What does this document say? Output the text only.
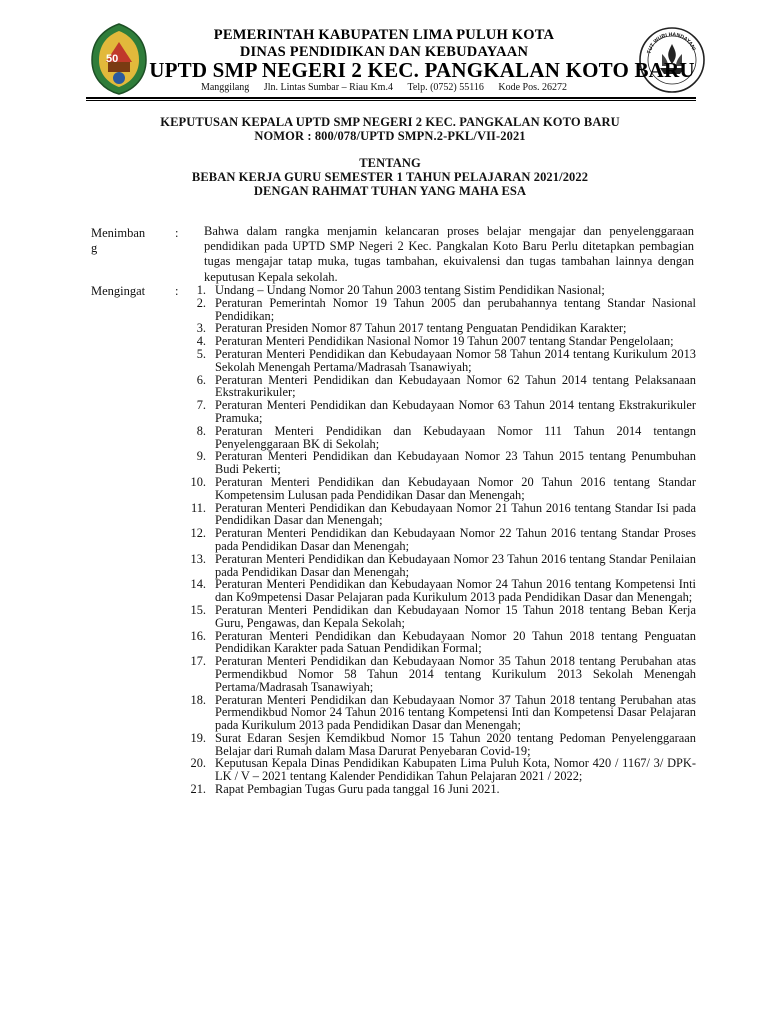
50
TUT WURI HANDAYANI
PEMERINTAH KABUPATEN LIMA PULUH KOTA
DINAS PENDIDIKAN DAN KEBUDAYAAN
UPTD SMP NEGERI 2 KEC. PANGKALAN KOTO BARU
Manggilang Jln. Lintas Sumbar – Riau Km.4 Telp. (0752) 55116 Kode Pos. 26272
KEPUTUSAN KEPALA UPTD SMP NEGERI 2 KEC. PANGKALAN KOTO BARU
NOMOR : 800/078/UPTD SMPN.2-PKL/VII-2021
TENTANG
BEBAN KERJA GURU SEMESTER 1 TAHUN PELAJARAN 2021/2022
DENGAN RAHMAT TUHAN YANG MAHA ESA
Menimban
g
: Bahwa dalam rangka menjamin kelancaran proses belajar mengajar dan penyelenggaraan pendidikan pada UPTD SMP Negeri 2 Kec. Pangkalan Koto Baru Perlu ditetapkan pembagian tugas mengajar tatap muka, tugas tambahan, ekuivalensi dan tugas tambahan lainnya dengan keputusan Kepala sekolah.
Mengingat :	1. Undang – Undang Nomor 20 Tahun 2003 tentang Sistim Pendidikan Nasional;
2. Peraturan Pemerintah Nomor 19 Tahun 2005 dan perubahannya tentang Standar Nasional Pendidikan;
3. Peraturan Presiden Nomor 87 Tahun 2017 tentang Penguatan Pendidikan Karakter;
4. Peraturan Menteri Pendidikan Nasional Nomor 19 Tahun 2007 tentang Standar Pengelolaan;
5. Peraturan Menteri Pendidikan dan Kebudayaan Nomor 58 Tahun 2014 tentang Kurikulum 2013 Sekolah Menengah Pertama/Madrasah Tsanawiyah;
6. Peraturan Menteri Pendidikan dan Kebudayaan Nomor 62 Tahun 2014 tentang Pelaksanaan Ekstrakurikuler;
7. Peraturan Menteri Pendidikan dan Kebudayaan Nomor 63 Tahun 2014 tentang Ekstrakurikuler Pramuka;
8. Peraturan Menteri Pendidikan dan Kebudayaan Nomor 111 Tahun 2014 tentangn Penyelenggaraan BK di Sekolah;
9. Peraturan Menteri Pendidikan dan Kebudayaan Nomor 23 Tahun 2015 tentang Penumbuhan Budi Pekerti;
10. Peraturan Menteri Pendidikan dan Kebudayaan Nomor 20 Tahun 2016 tentang Standar Kompetensim Lulusan pada Pendidikan Dasar dan Menengah;
11. Peraturan Menteri Pendidikan dan Kebudayaan Nomor 21 Tahun 2016 tentang Standar Isi pada Pendidikan Dasar dan Menengah;
12. Peraturan Menteri Pendidikan dan Kebudayaan Nomor 22 Tahun 2016 tentang Standar Proses pada Pendidikan Dasar dan Menengah;
13. Peraturan Menteri Pendidikan dan Kebudayaan Nomor 23 Tahun 2016 tentang Standar Penilaian pada Pendidikan Dasar dan Menengah;
14. Peraturan Menteri Pendidikan dan Kebudayaan Nomor 24 Tahun 2016 tentang Kompetensi Inti dan Ko9mpetensi Dasar Pelajaran pada Kurikulum 2013 pada Pendidikan Dasar dan Menengah;
15. Peraturan Menteri Pendidikan dan Kebudayaan Nomor 15 Tahun 2018 tentang Beban Kerja Guru, Pengawas, dan Kepala Sekolah;
16. Peraturan Menteri Pendidikan dan Kebudayaan Nomor 20 Tahun 2018 tentang Penguatan Pendidikan Karakter pada Satuan Pendidikan Formal;
17. Peraturan Menteri Pendidikan dan Kebudayaan Nomor 35 Tahun 2018 tentang Perubahan atas Permendikbud Nomor 58 Tahun 2014 tentang Kurikulum 2013 Sekolah Menengah Pertama/Madrasah Tsanawiyah;
18. Peraturan Menteri Pendidikan dan Kebudayaan Nomor 37 Tahun 2018 tentang Perubahan atas Permendikbud Nomor 24 Tahun 2016 tentang Kompetensi Inti dan Kompetensi Dasar Pelajaran pada Kurikulum 2013 pada Pendidikan Dasar dan Menengah;
19. Surat Edaran Sesjen Kemdikbud Nomor 15 Tahun 2020 tentang Pedoman Penyelenggaraan Belajar dari Rumah dalam Masa Darurat Penyebaran Covid-19;
20. Keputusan Kepala Dinas Pendidikan Kabupaten Lima Puluh Kota, Nomor 420 / 1167/ 3/ DPK-LK / V – 2021 tentang Kalender Pendidikan Tahun Pelajaran 2021 / 2022;
21. Rapat Pembagian Tugas Guru pada tanggal 16 Juni 2021.
